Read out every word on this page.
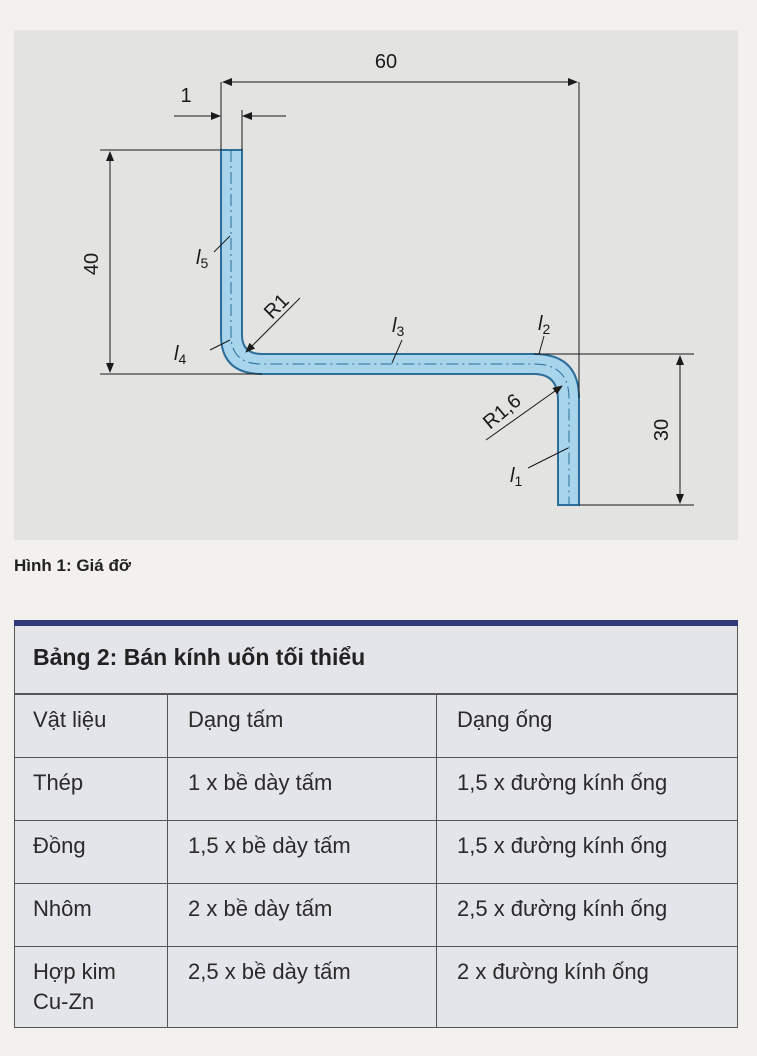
60
1
40
30
R1
R1,6
$l_5$
$l_4$
$l_3$	$l_2$
$l_1$
Hình 1: Giá đỡ
Bảng 2: Bán kính uốn tối thiểu
Vật liệu	Dạng tấm	Dạng ống
Thép	1 x bề dày tấm	1,5 x đường kính ống
Đồng	1,5 x bề dày tấm	1,5 x đường kính ống
Nhôm	2 x bề dày tấm	2,5 x đường kính ống
Hợp kim
Cu-Zn	2,5 x bề dày tấm	2 x đường kính ống
